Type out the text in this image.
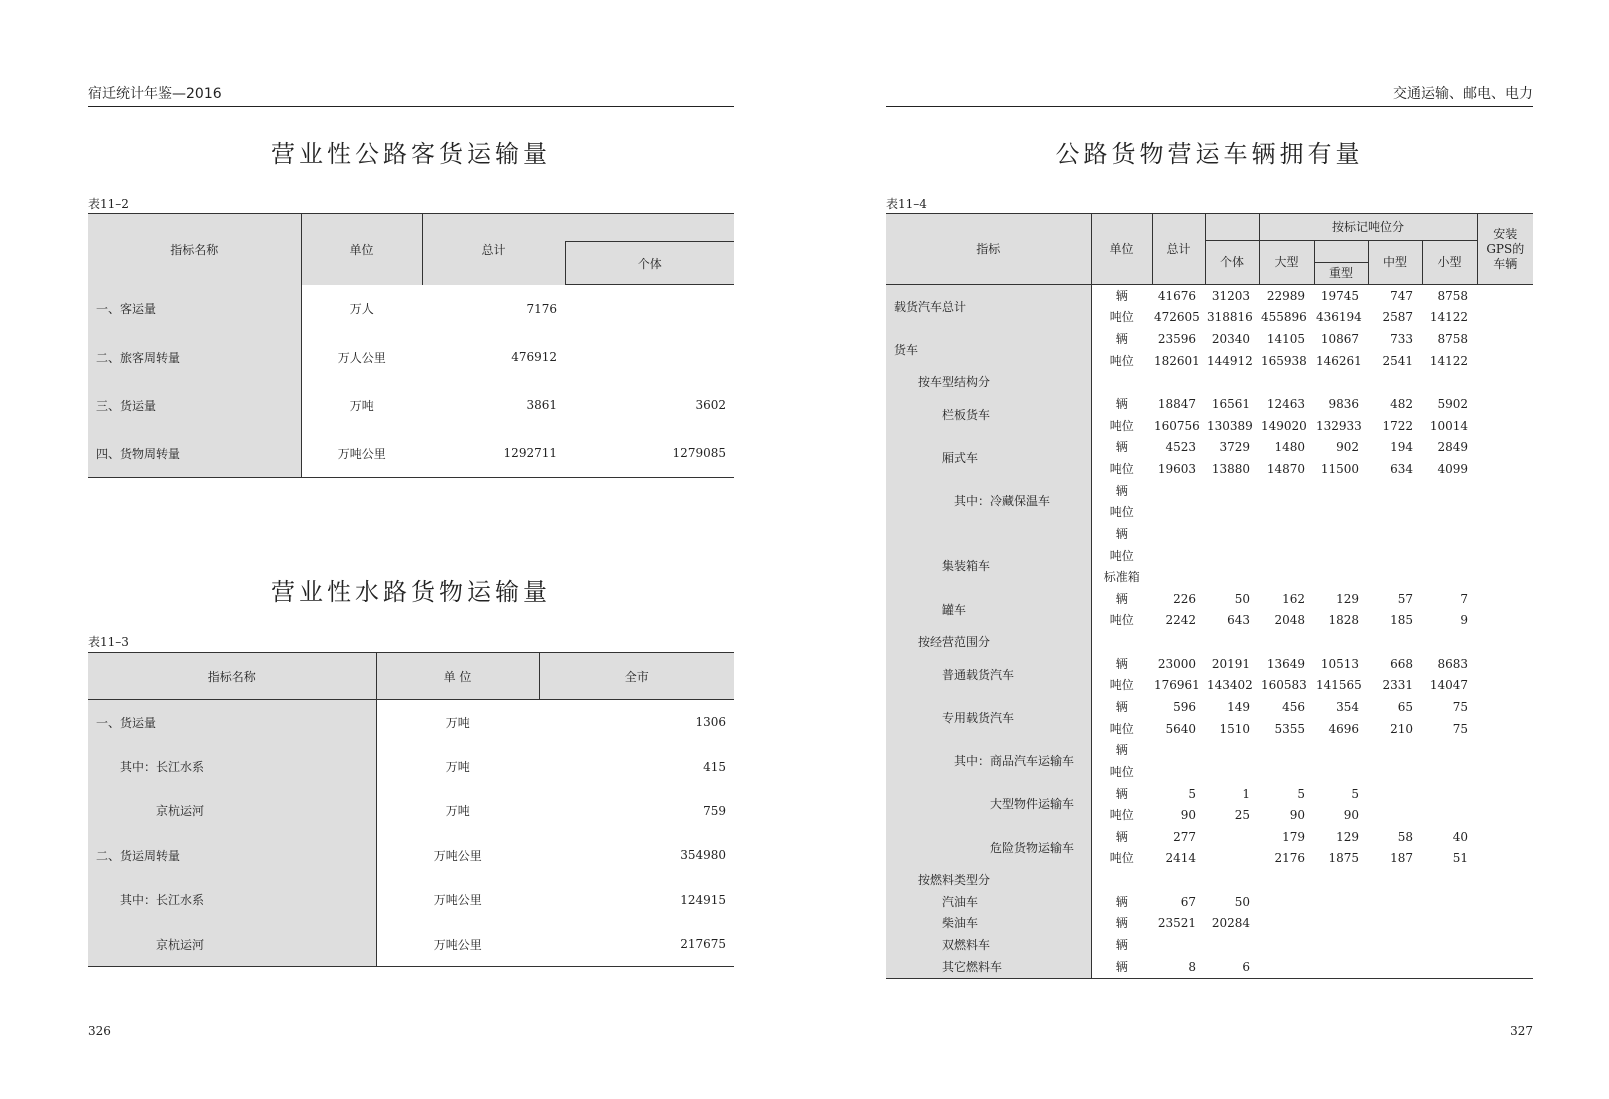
宿迁统计年鉴—2016
营业性公路客货运输量
表11–2
指标名称	单位	总计	
			个体
一、客运量	万人	7176	
二、旅客周转量	万人公里	476912	
三、货运量	万吨	3861	3602
四、货物周转量	万吨公里	1292711	1279085
营业性水路货物运输量
表11–3
指标名称	单 位	全市
一、货运量	万吨	1306
其中：长江水系	万吨	415
京杭运河	万吨	759
二、货运周转量	万吨公里	354980
其中：长江水系	万吨公里	124915
京杭运河	万吨公里	217675
326
交通运输、邮电、电力
公路货物营运车辆拥有量
表11–4
指标	单位	总计		按标记吨位分				安装
GPS的
车辆

			个体	大型		中型	小型	
					重型			

载货汽车总计	辆	41676	31203	22989	19745	747	8758	
	吨位	472605	318816	455896	436194	2587	14122	
货车	辆	23596	20340	14105	10867	733	8758	
	吨位	182601	144912	165938	146261	2541	14122	
按车型结构分								
栏板货车	辆	18847	16561	12463	9836	482	5902	
	吨位	160756	130389	149020	132933	1722	10014	
厢式车	辆	4523	3729	1480	902	194	2849	
	吨位	19603	13880	14870	11500	634	4099	
其中：冷藏保温车	辆							
	吨位							
	辆							
集装箱车	吨位							
	标准箱							
罐车	辆	226	50	162	129	57	7	
	吨位	2242	643	2048	1828	185	9	
按经营范围分								
普通载货汽车	辆	23000	20191	13649	10513	668	8683	
	吨位	176961	143402	160583	141565	2331	14047	
专用载货汽车	辆	596	149	456	354	65	75	
	吨位	5640	1510	5355	4696	210	75	
其中：商品汽车运输车	辆							
	吨位							
大型物件运输车	辆	5	1	5	5			
	吨位	90	25	90	90			
危险货物运输车	辆	277		179	129	58	40	
	吨位	2414		2176	1875	187	51	
按燃料类型分								
汽油车	辆	67	50					
柴油车	辆	23521	20284					
双燃料车	辆							
其它燃料车	辆	8	6					
327
